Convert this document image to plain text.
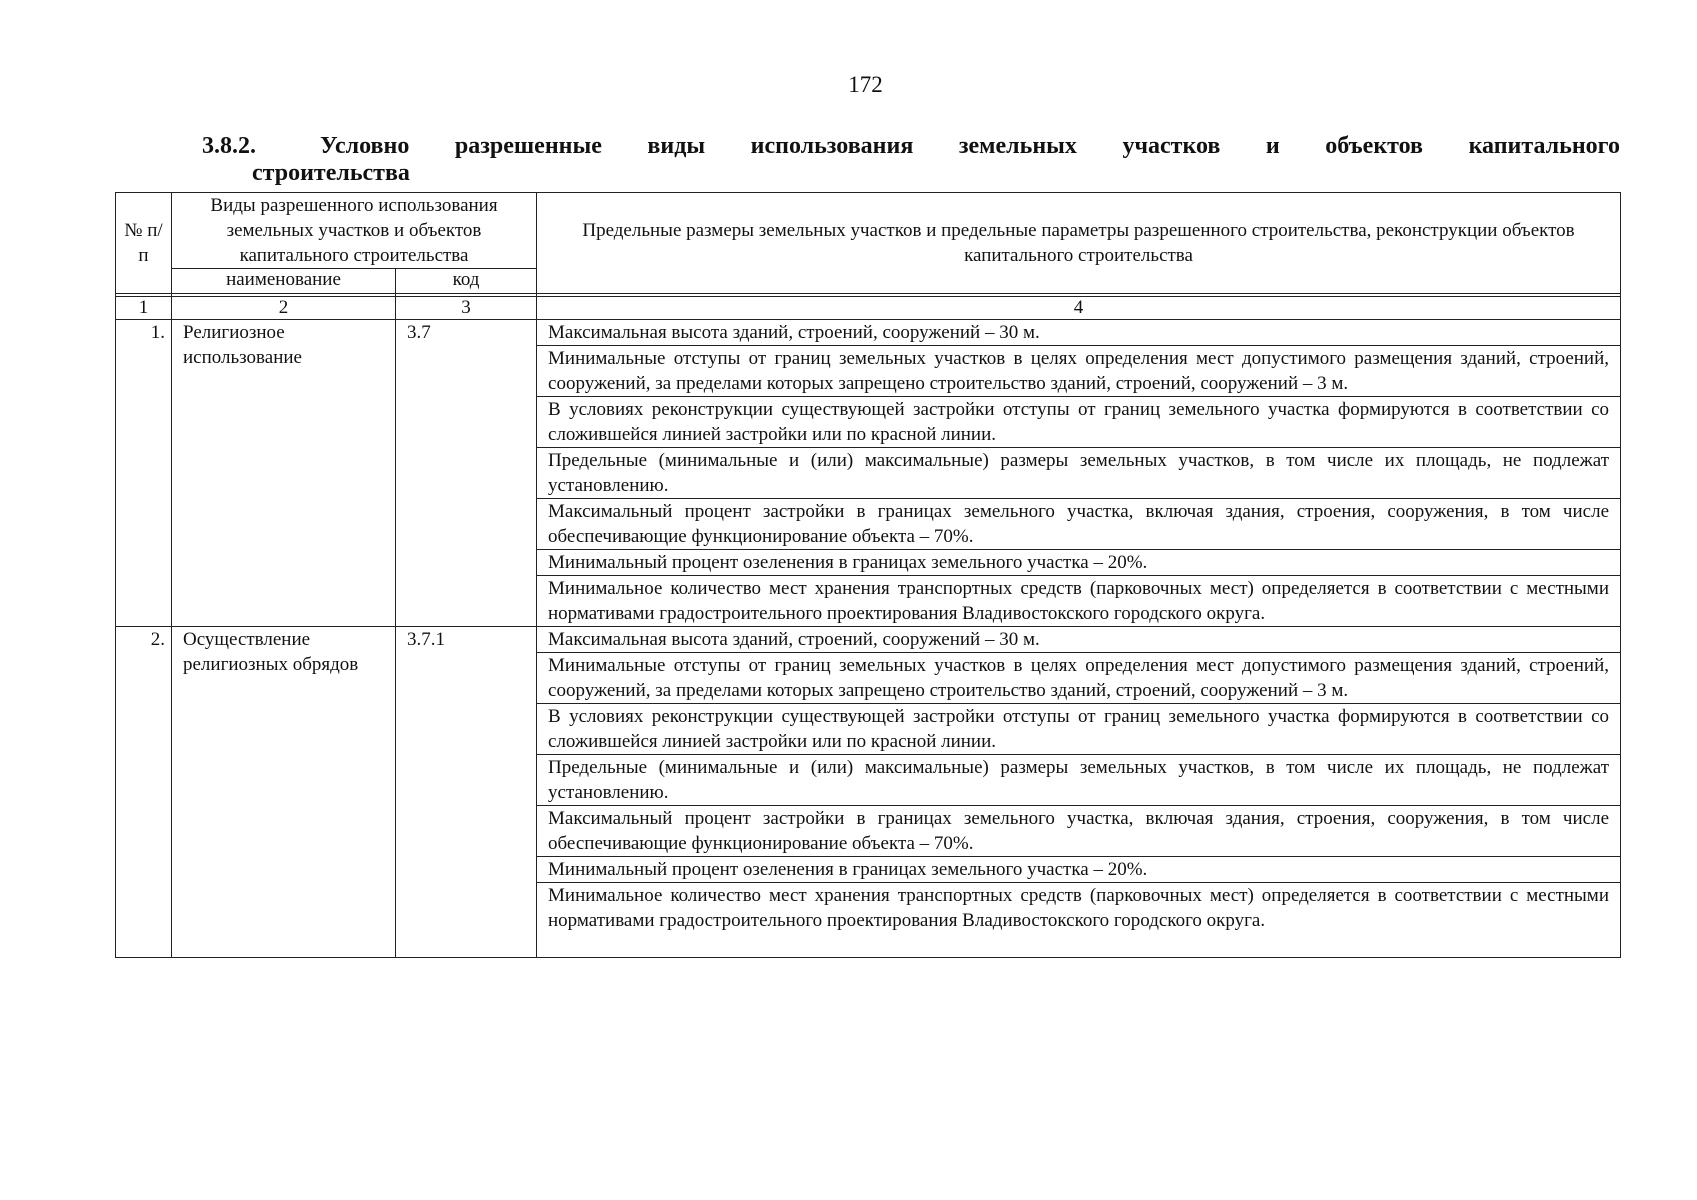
172
3.8.2.	Условно разрешенные виды использования земельных участков и объектов капитального
строительства
№ п/п	Виды разрешенного использования земельных участков и объектов капитального строительства		Предельные размеры земельных участков и предельные параметры разрешенного строительства, реконструкции объектов капитального строительства
	наименование	код	

1	2	3	4
1.	Религиозное использование	3.7	Максимальная высота зданий, строений, сооружений – 30 м.
			Минимальные отступы от границ земельных участков в целях определения мест допустимого размещения зданий, строений, сооружений, за пределами которых запрещено строительство зданий, строений, сооружений – 3 м.
			В условиях реконструкции существующей застройки отступы от границ земельного участка формируются в соответствии со сложившейся линией застройки или по красной линии.
			Предельные (минимальные и (или) максимальные) размеры земельных участков, в том числе их площадь, не подлежат установлению.
			Максимальный процент застройки в границах земельного участка, включая здания, строения, сооружения, в том числе обеспечивающие функционирование объекта – 70%.
			Минимальный процент озеленения в границах земельного участка – 20%.
			Минимальное количество мест хранения транспортных средств (парковочных мест) определяется в соответствии с местными нормативами градостроительного проектирования Владивостокского городского округа.
2.	Осуществление религиозных обрядов	3.7.1	Максимальная высота зданий, строений, сооружений – 30 м.
			Минимальные отступы от границ земельных участков в целях определения мест допустимого размещения зданий, строений, сооружений, за пределами которых запрещено строительство зданий, строений, сооружений – 3 м.
			В условиях реконструкции существующей застройки отступы от границ земельного участка формируются в соответствии со сложившейся линией застройки или по красной линии.
			Предельные (минимальные и (или) максимальные) размеры земельных участков, в том числе их площадь, не подлежат установлению.
			Максимальный процент застройки в границах земельного участка, включая здания, строения, сооружения, в том числе обеспечивающие функционирование объекта – 70%.
			Минимальный процент озеленения в границах земельного участка – 20%.
			Минимальное количество мест хранения транспортных средств (парковочных мест) определяется в соответствии с местными нормативами градостроительного проектирования Владивостокского городского округа.
